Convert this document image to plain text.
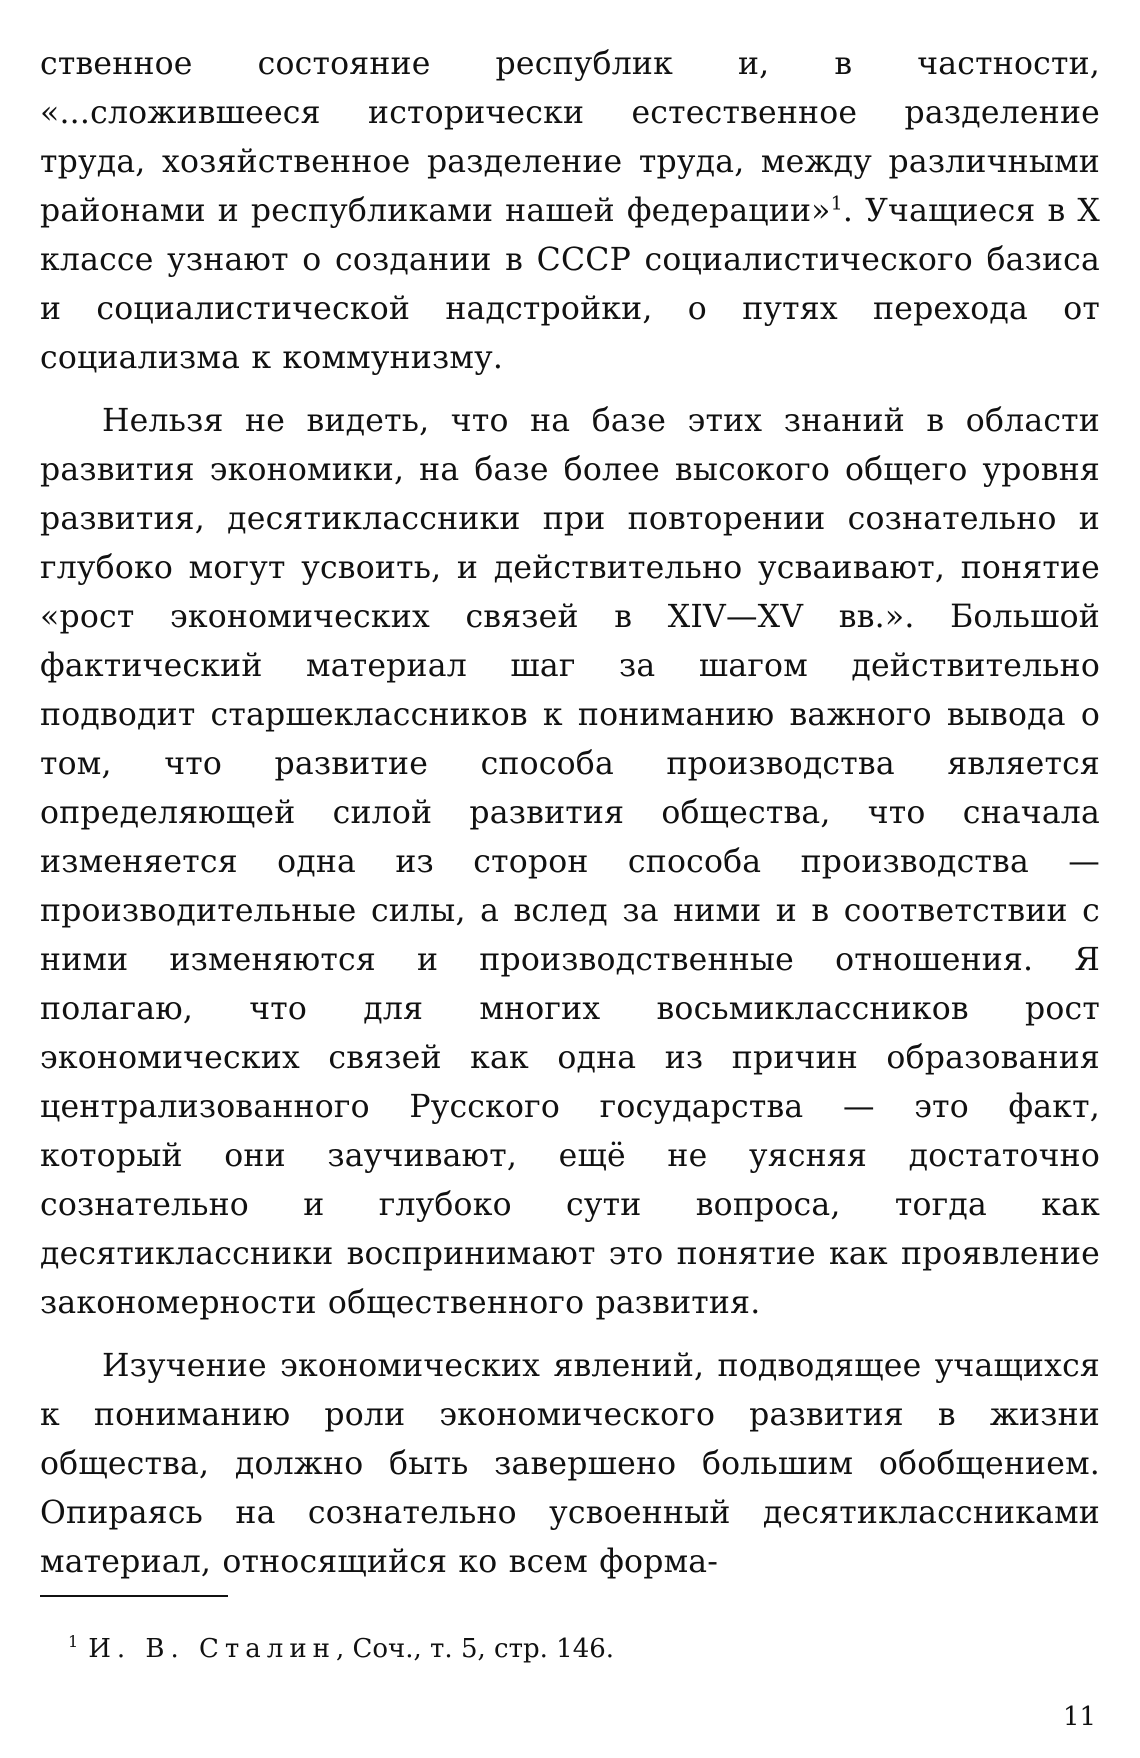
ственное состояние республик и, в частности, «...сложившееся исторически естественное разделение труда, хозяйственное разделение труда, между различными районами и республиками нашей федерации»$^1$. Учащиеся в X классе узнают о создании в СССР социалистического базиса и социалистической надстройки, о путях перехода от социализма к коммунизму.

Нельзя не видеть, что на базе этих знаний в области развития экономики, на базе более высокого общего уровня развития, десятиклассники при повторении сознательно и глубоко могут усвоить, и действительно усваивают, понятие «рост экономических связей в XIV—XV вв.». Большой фактический материал шаг за шагом действительно подводит старшеклассников к пониманию важного вывода о том, что развитие способа производства является определяющей силой развития общества, что сначала изменяется одна из сторон способа производства — производительные силы, а вслед за ними и в соответствии с ними изменяются и производственные отношения. Я полагаю, что для многих восьмиклассников рост экономических связей как одна из причин образования централизованного Русского государства — это факт, который они заучивают, ещё не уясняя достаточно сознательно и глубоко сути вопроса, тогда как десятиклассники воспринимают это понятие как проявление закономерности общественного развития.

Изучение экономических явлений, подводящее учащихся к пониманию роли экономического развития в жизни общества, должно быть завершено большим обобщением. Опираясь на сознательно усвоенный десятиклассниками материал, относящийся ко всем форма-

$^1$ И. В. Сталин, Соч., т. 5, стр. 146.
11
